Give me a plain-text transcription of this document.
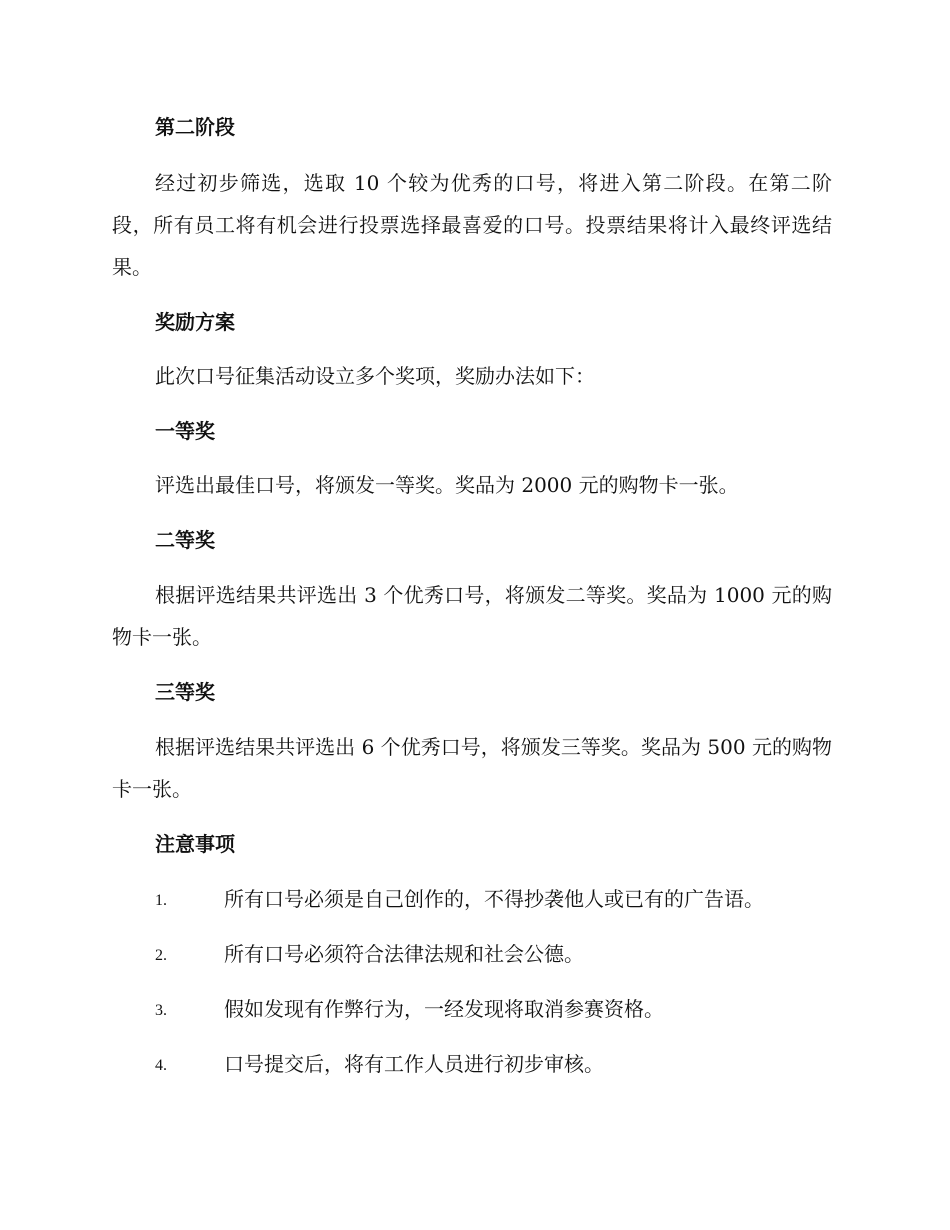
第二阶段

经过初步筛选，选取 10 个较为优秀的口号，将进入第二阶段。在第二阶段，所有员工将有机会进行投票选择最喜爱的口号。投票结果将计入最终评选结果。

奖励方案

此次口号征集活动设立多个奖项，奖励办法如下：

一等奖

评选出最佳口号，将颁发一等奖。奖品为 2000 元的购物卡一张。

二等奖

根据评选结果共评选出 3 个优秀口号，将颁发二等奖。奖品为 1000 元的购物卡一张。

三等奖

根据评选结果共评选出 6 个优秀口号，将颁发三等奖。奖品为 500 元的购物卡一张。

注意事项
1.	所有口号必须是自己创作的，不得抄袭他人或已有的广告语。
2.	所有口号必须符合法律法规和社会公德。
3.	假如发现有作弊行为，一经发现将取消参赛资格。
4.	口号提交后，将有工作人员进行初步审核。
